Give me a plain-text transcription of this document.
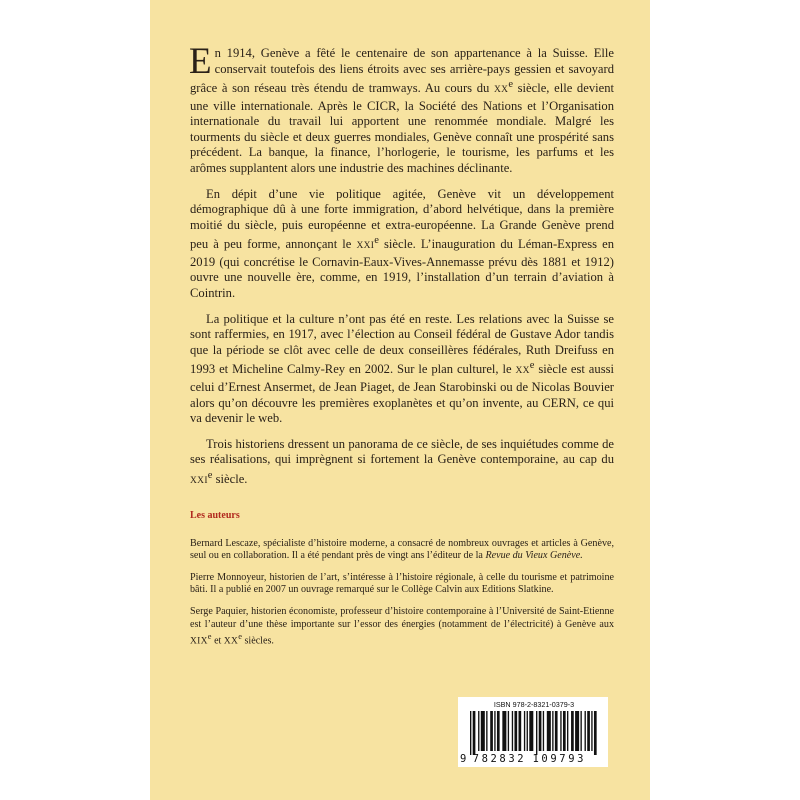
En 1914, Genève a fêté le centenaire de son appartenance à la Suisse. Elle conservait toutefois des liens étroits avec ses arrière-pays gessien et savoyard grâce à son réseau très étendu de tramways. Au cours du XXe siècle, elle devient une ville internationale. Après le CICR, la Société des Nations et l’Organisation internationale du travail lui apportent une renommée mondiale. Malgré les tourments du siècle et deux guerres mondiales, Genève connaît une prospérité sans précédent. La banque, la finance, l’horlogerie, le tourisme, les parfums et les arômes supplantent alors une industrie des machines déclinante.

En dépit d’une vie politique agitée, Genève vit un développement démographique dû à une forte immigration, d’abord helvétique, dans la première moitié du siècle, puis européenne et extra-européenne. La Grande Genève prend peu à peu forme, annonçant le XXIe siècle. L’inauguration du Léman-Express en 2019 (qui concrétise le Cornavin-Eaux-Vives-Annemasse prévu dès 1881 et 1912) ouvre une nouvelle ère, comme, en 1919, l’installation d’un terrain d’aviation à Cointrin.

La politique et la culture n’ont pas été en reste. Les relations avec la Suisse se sont raffermies, en 1917, avec l’élection au Conseil fédéral de Gustave Ador tandis que la période se clôt avec celle de deux conseillères fédérales, Ruth Dreifuss en 1993 et Micheline Calmy-Rey en 2002. Sur le plan culturel, le XXe siècle est aussi celui d’Ernest Ansermet, de Jean Piaget, de Jean Starobinski ou de Nicolas Bouvier alors qu’on découvre les premières exoplanètes et qu’on invente, au CERN, ce qui va devenir le web.

Trois historiens dressent un panorama de ce siècle, de ses inquiétudes comme de ses réalisations, qui imprègnent si fortement la Genève contemporaine, au cap du XXIe siècle.

Les auteurs

Bernard Lescaze, spécialiste d’histoire moderne, a consacré de nombreux ouvrages et articles à Genève, seul ou en collaboration. Il a été pendant près de vingt ans l’éditeur de la Revue du Vieux Genève.

Pierre Monnoyeur, historien de l’art, s’intéresse à l’histoire régionale, à celle du tourisme et patrimoine bâti. Il a publié en 2007 un ouvrage remarqué sur le Collège Calvin aux Editions Slatkine.

Serge Paquier, historien économiste, professeur d’histoire contemporaine à l’Université de Saint-Etienne est l’auteur d’une thèse importante sur l’essor des énergies (notamment de l’électricité) à Genève aux XIXe et XXe siècles.

ISBN 978-2-8321-0379-3
9 782832 109793
